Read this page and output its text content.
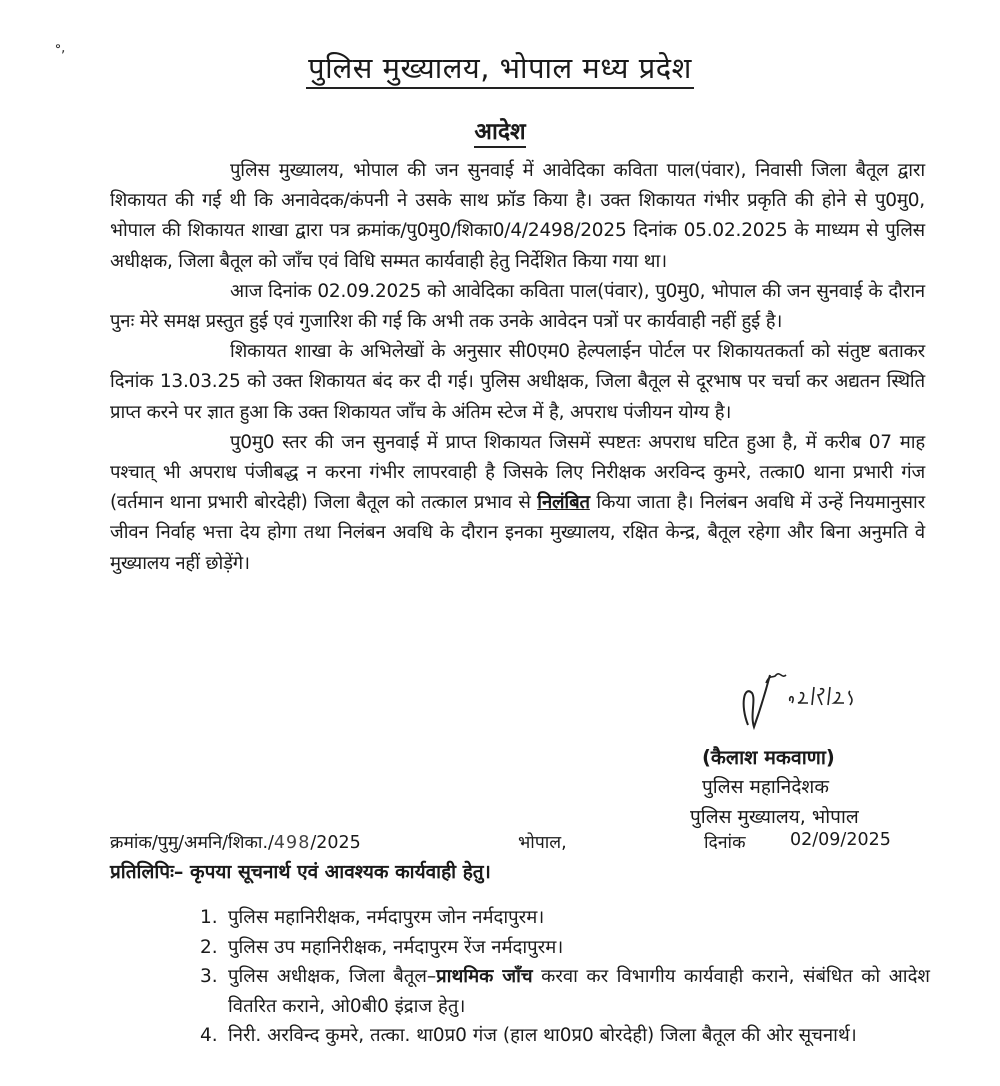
॰,
पुलिस मुख्यालय, भोपाल मध्य प्रदेश
आदेश

पुलिस मुख्यालय, भोपाल की जन सुनवाई में आवेदिका कविता पाल(पंवार), निवासी जिला बैतूल द्वारा शिकायत की गई थी कि अनावेदक/कंपनी ने उसके साथ फ्रॉड किया है। उक्त शिकायत गंभीर प्रकृति की होने से पु0मु0, भोपाल की शिकायत शाखा द्वारा पत्र क्रमांक/पु0मु0/शिका0/4/2498/2025 दिनांक 05.02.2025 के माध्यम से पुलिस अधीक्षक, जिला बैतूल को जाँच एवं विधि सम्मत कार्यवाही हेतु निर्देशित किया गया था।

आज दिनांक 02.09.2025 को आवेदिका कविता पाल(पंवार), पु0मु0, भोपाल की जन सुनवाई के दौरान पुनः मेरे समक्ष प्रस्तुत हुई एवं गुजारिश की गई कि अभी तक उनके आवेदन पत्रों पर कार्यवाही नहीं हुई है।

शिकायत शाखा के अभिलेखों के अनुसार सी0एम0 हेल्पलाईन पोर्टल पर शिकायतकर्ता को संतुष्ट बताकर दिनांक 13.03.25 को उक्त शिकायत बंद कर दी गई। पुलिस अधीक्षक, जिला बैतूल से दूरभाष पर चर्चा कर अद्यतन स्थिति प्राप्त करने पर ज्ञात हुआ कि उक्त शिकायत जाँच के अंतिम स्टेज में है, अपराध पंजीयन योग्य है।

पु0मु0 स्तर की जन सुनवाई में प्राप्त शिकायत जिसमें स्पष्टतः अपराध घटित हुआ है, में करीब 07 माह पश्चात् भी अपराध पंजीबद्ध न करना गंभीर लापरवाही है जिसके लिए निरीक्षक अरविन्द कुमरे, तत्का0 थाना प्रभारी गंज (वर्तमान थाना प्रभारी बोरदेही) जिला बैतूल को तत्काल प्रभाव से निलंबित किया जाता है। निलंबन अवधि में उन्हें नियमानुसार जीवन निर्वाह भत्ता देय होगा तथा निलंबन अवधि के दौरान इनका मुख्यालय, रक्षित केन्द्र, बैतूल रहेगा और बिना अनुमति वे मुख्यालय नहीं छोड़ेंगे।

(कैलाश मकवाणा)
पुलिस महानिदेशक
पुलिस मुख्यालय, भोपाल
क्रमांक/पुमु/अमनि/शिका./498/2025	भोपाल,	दिनांक	02/09/2025
प्रतिलिपिः– कृपया सूचनार्थ एवं आवश्यक कार्यवाही हेतु।
1. पुलिस महानिरीक्षक, नर्मदापुरम जोन नर्मदापुरम।
2. पुलिस उप महानिरीक्षक, नर्मदापुरम रेंज नर्मदापुरम।
3. पुलिस अधीक्षक, जिला बैतूल–प्राथमिक जाँच करवा कर विभागीय कार्यवाही कराने, संबंधित को आदेश वितरित कराने, ओ0बी0 इंद्राज हेतु।
4. निरी. अरविन्द कुमरे, तत्का. था0प्र0 गंज (हाल था0प्र0 बोरदेही) जिला बैतूल की ओर सूचनार्थ।
